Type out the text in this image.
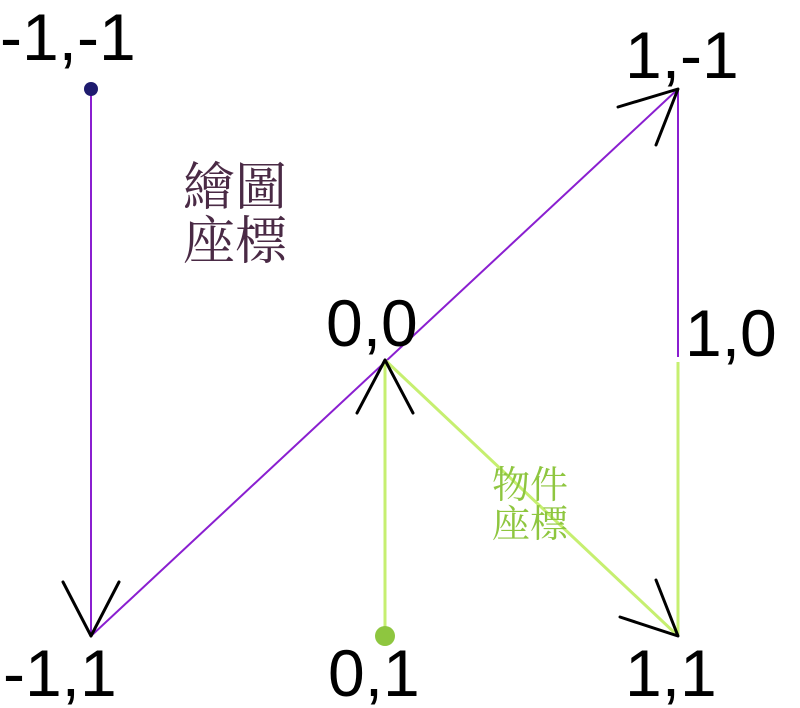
-1,-1	1,-1
0,0	1,0
-1,1	0,1	1,1
繪圖
座標
物件
座標
